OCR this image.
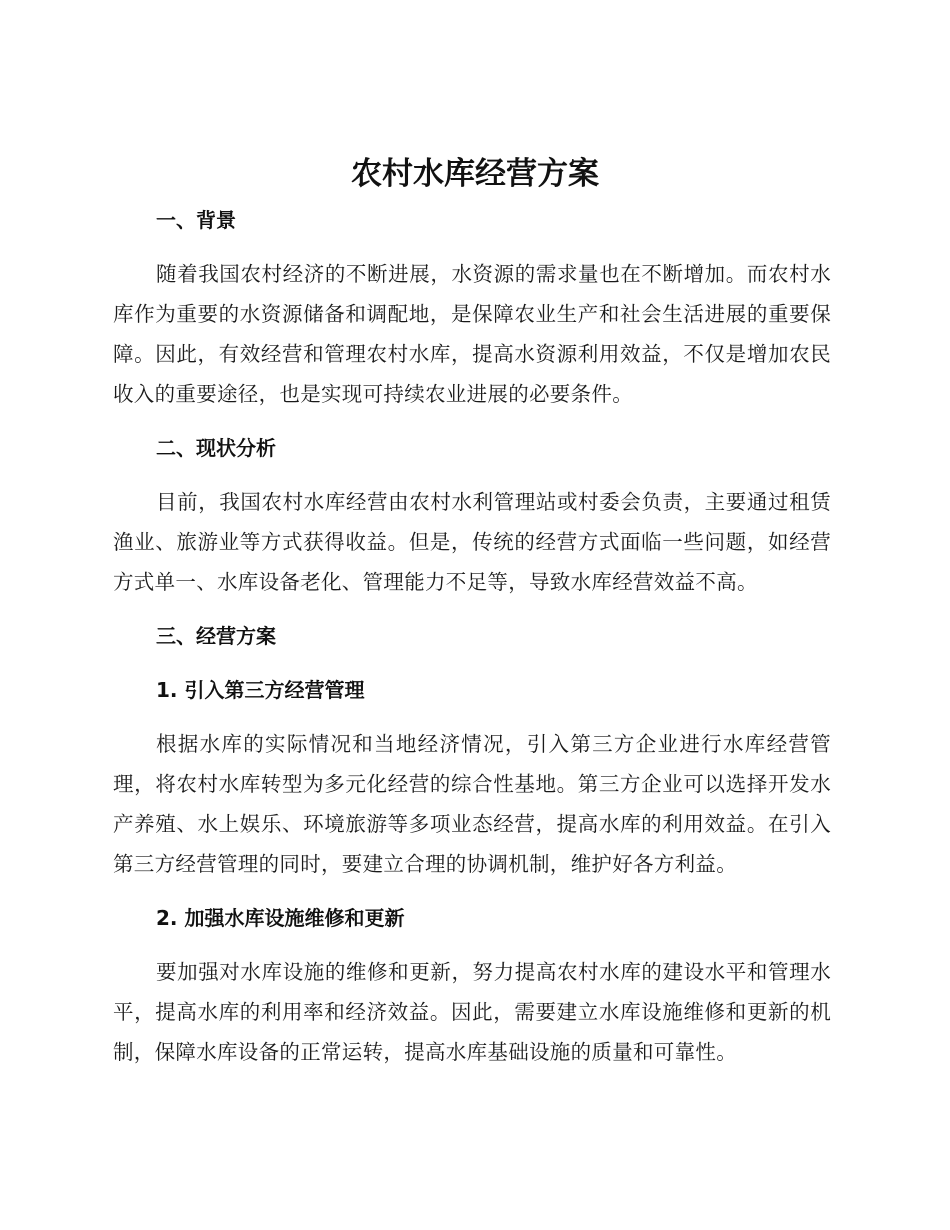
农村水库经营方案
一、背景

随着我国农村经济的不断进展，水资源的需求量也在不断增加。而农村水库作为重要的水资源储备和调配地，是保障农业生产和社会生活进展的重要保障。因此，有效经营和管理农村水库，提高水资源利用效益，不仅是增加农民收入的重要途径，也是实现可持续农业进展的必要条件。

二、现状分析

目前，我国农村水库经营由农村水利管理站或村委会负责，主要通过租赁渔业、旅游业等方式获得收益。但是，传统的经营方式面临一些问题，如经营方式单一、水库设备老化、管理能力不足等，导致水库经营效益不高。

三、经营方案
1. 引入第三方经营管理

根据水库的实际情况和当地经济情况，引入第三方企业进行水库经营管理，将农村水库转型为多元化经营的综合性基地。第三方企业可以选择开发水产养殖、水上娱乐、环境旅游等多项业态经营，提高水库的利用效益。在引入第三方经营管理的同时，要建立合理的协调机制，维护好各方利益。

2. 加强水库设施维修和更新

要加强对水库设施的维修和更新，努力提高农村水库的建设水平和管理水平，提高水库的利用率和经济效益。因此，需要建立水库设施维修和更新的机制，保障水库设备的正常运转，提高水库基础设施的质量和可靠性。
